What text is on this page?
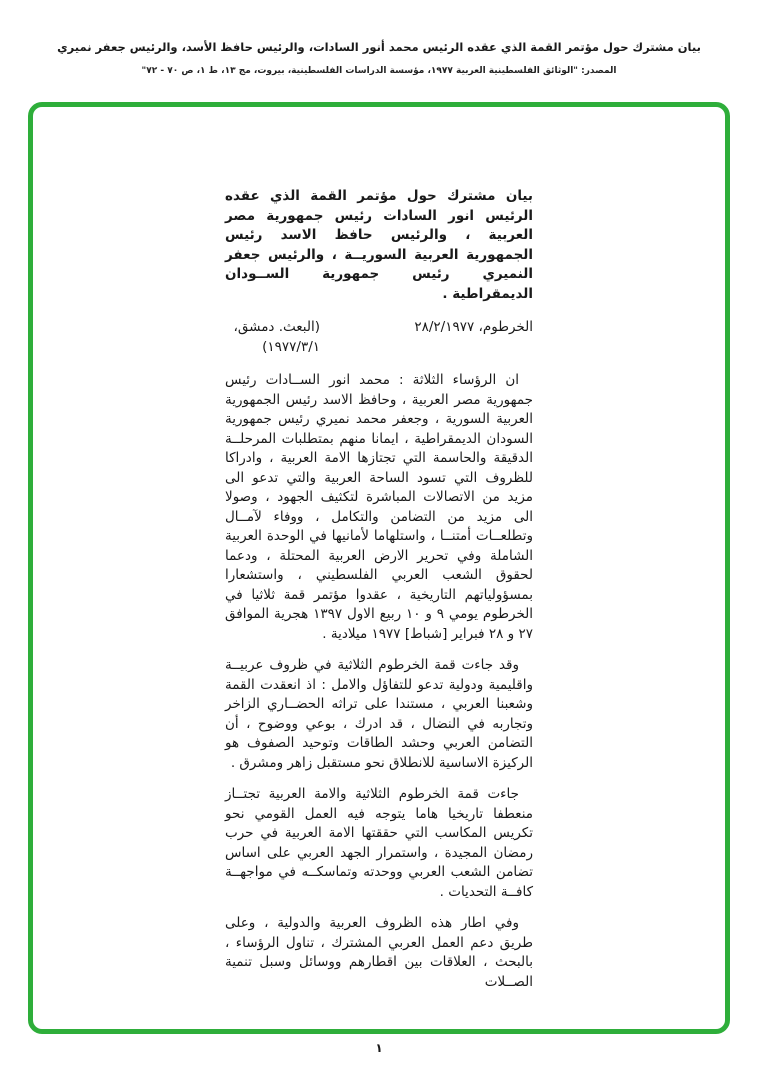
بيان مشترك حول مؤتمر القمة الذي عقده الرئيس محمد أنور السادات، والرئيس حافظ الأسد، والرئيس جعفر نميري
المصدر: "الوثائق الفلسطينية العربية ١٩٧٧، مؤسسة الدراسات الفلسطينية، بيروت، مج ١٣، ط ١، ص ٧٠ - ٧٢"

بيان مشترك حول مؤتمر القمة الذي عقده الرئيس انور السادات رئيس جمهورية مصر العربية ، والرئيس حافظ الاسد رئيس الجمهورية العربية السوريــة ، والرئيس جعفر النميري رئيس جمهورية الســودان الديمقراطية .

الخرطوم، ٢٨/٢/١٩٧٧
(البعث. دمشق، ١٩٧٧/٣/١)

ان الرؤساء الثلاثة : محمد انور الســادات رئيس جمهورية مصر العربية ، وحافظ الاسد رئيس الجمهورية العربية السورية ، وجعفر محمد نميري رئيس جمهورية السودان الديمقراطية ، ايمانا منهم بمتطلبات المرحلــة الدقيقة والحاسمة التي تجتازها الامة العربية ، وادراكا للظروف التي تسود الساحة العربية والتي تدعو الى مزيد من الاتصالات المباشرة لتكثيف الجهود ، وصولا الى مزيد من التضامن والتكامل ، ووفاء لآمــال وتطلعــات أمتنــا ، واستلهاما لأمانيها في الوحدة العربية الشاملة وفي تحرير الارض العربية المحتلة ، ودعما لحقوق الشعب العربي الفلسطيني ، واستشعارا بمسؤولياتهم التاريخية ، عقدوا مؤتمر قمة ثلاثيا في الخرطوم يومي ٩ و ١٠ ربيع الاول ١٣٩٧ هجرية الموافق ٢٧ و ٢٨ فبراير [شباط] ١٩٧٧ ميلادية .

وقد جاءت قمة الخرطوم الثلاثية في ظروف عربيــة واقليمية ودولية تدعو للتفاؤل والامل : اذ انعقدت القمة وشعبنا العربي ، مستندا على تراثه الحضــاري الزاخر وتجاربه في النضال ، قد ادرك ، بوعي ووضوح ، أن التضامن العربي وحشد الطاقات وتوحيد الصفوف هو الركيزة الاساسية للانطلاق نحو مستقبل زاهر ومشرق .

جاءت قمة الخرطوم الثلاثية والامة العربية تجتــاز منعطفا تاريخيا هاما يتوجه فيه العمل القومي نحو تكريس المكاسب التي حققتها الامة العربية في حرب رمضان المجيدة ، واستمرار الجهد العربي على اساس تضامن الشعب العربي ووحدته وتماسكــه في مواجهــة كافــة التحديات .

وفي اطار هذه الظروف العربية والدولية ، وعلى طريق دعم العمل العربي المشترك ، تناول الرؤساء ، بالبحث ، العلاقات بين اقطارهم ووسائل وسبل تنمية الصــلات

١
